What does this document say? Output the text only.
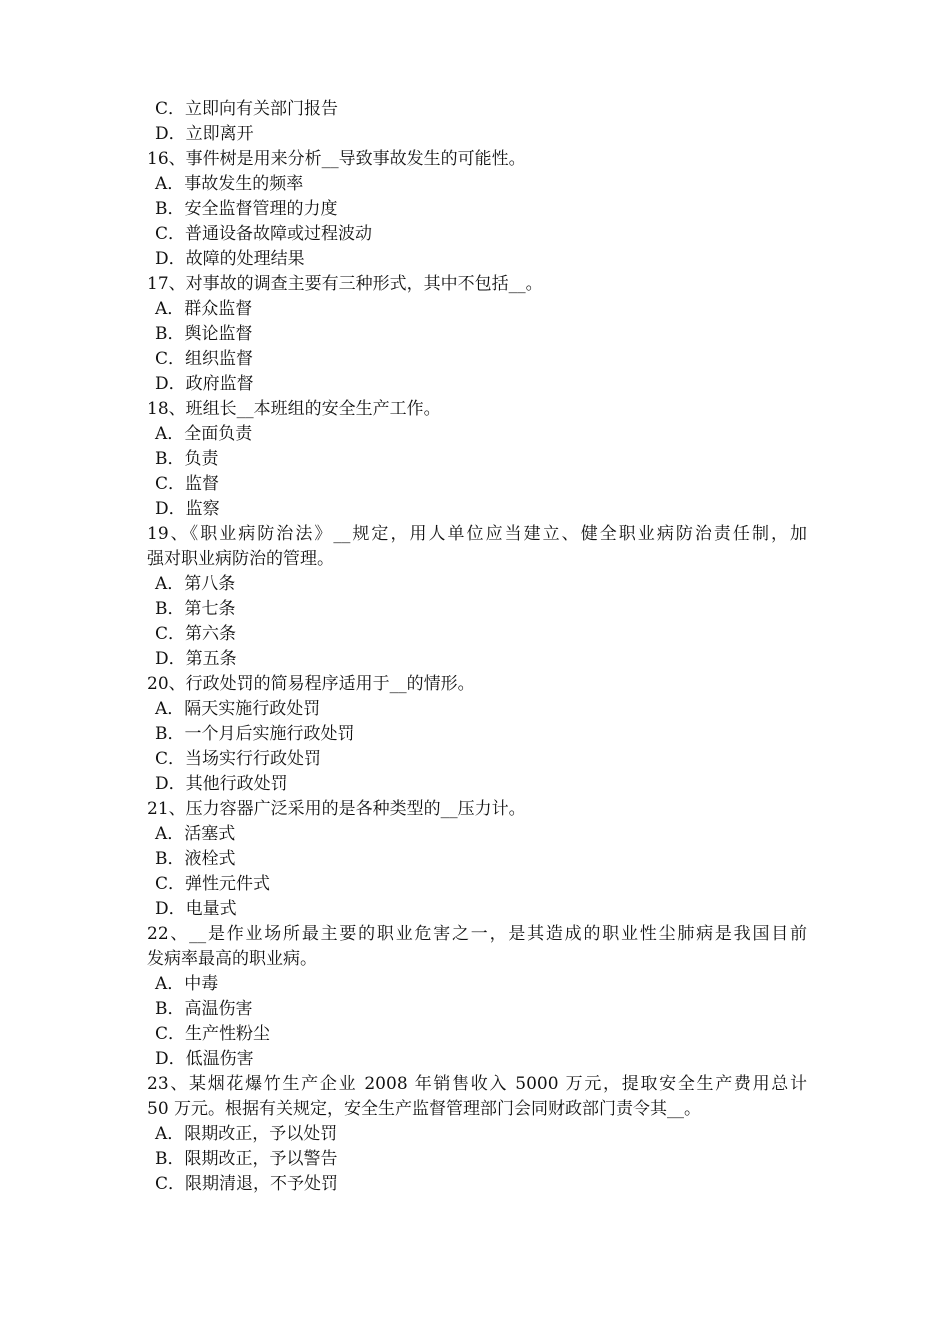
C．立即向有关部门报告
D．立即离开
16、事件树是用来分析__导致事故发生的可能性。
A．事故发生的频率
B．安全监督管理的力度
C．普通设备故障或过程波动
D．故障的处理结果
17、对事故的调查主要有三种形式，其中不包括__。
A．群众监督
B．舆论监督
C．组织监督
D．政府监督
18、班组长__本班组的安全生产工作。
A．全面负责
B．负责
C．监督
D．监察
19、《职业病防治法》__规定，用人单位应当建立、健全职业病防治责任制，加
强对职业病防治的管理。
A．第八条
B．第七条
C．第六条
D．第五条
20、行政处罚的简易程序适用于__的情形。
A．隔天实施行政处罚
B．一个月后实施行政处罚
C．当场实行行政处罚
D．其他行政处罚
21、压力容器广泛采用的是各种类型的__压力计。
A．活塞式
B．液栓式
C．弹性元件式
D．电量式
22、__是作业场所最主要的职业危害之一，是其造成的职业性尘肺病是我国目前
发病率最高的职业病。
A．中毒
B．高温伤害
C．生产性粉尘
D．低温伤害
23、某烟花爆竹生产企业 2008 年销售收入 5000 万元，提取安全生产费用总计
50 万元。根据有关规定，安全生产监督管理部门会同财政部门责令其__。
A．限期改正，予以处罚
B．限期改正，予以警告
C．限期清退，不予处罚
